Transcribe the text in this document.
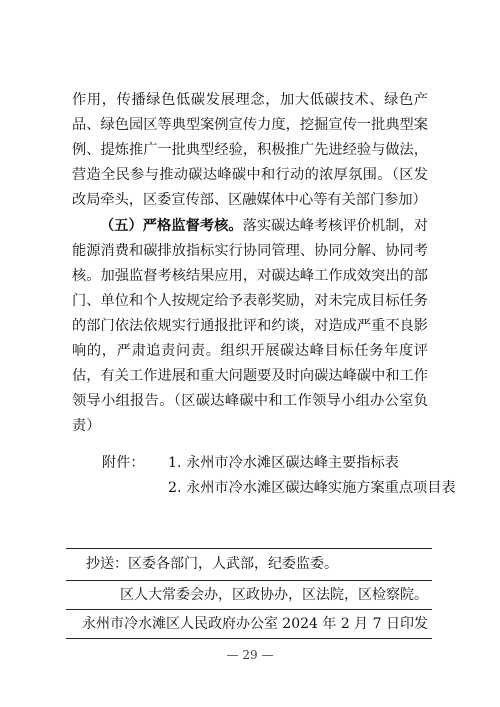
作用，传播绿色低碳发展理念，加大低碳技术、绿色产品、绿色园区等典型案例宣传力度，挖掘宣传一批典型案例、提炼推广一批典型经验，积极推广先进经验与做法，营造全民参与推动碳达峰碳中和行动的浓厚氛围。（区发改局牵头，区委宣传部、区融媒体中心等有关部门参加）

（五）严格监督考核。落实碳达峰考核评价机制，对能源消费和碳排放指标实行协同管理、协同分解、协同考核。加强监督考核结果应用，对碳达峰工作成效突出的部门、单位和个人按规定给予表彰奖励，对未完成目标任务的部门依法依规实行通报批评和约谈，对造成严重不良影响的，严肃追责问责。组织开展碳达峰目标任务年度评估，有关工作进展和重大问题要及时向碳达峰碳中和工作领导小组报告。（区碳达峰碳中和工作领导小组办公室负责）

附件：	1. 永州市冷水滩区碳达峰主要指标表
2. 永州市冷水滩区碳达峰实施方案重点项目表
抄送：区委各部门，人武部，纪委监委。
区人大常委会办，区政协办，区法院，区检察院。
永州市冷水滩区人民政府办公室 2024 年 2 月 7 日印发
— 29 —
